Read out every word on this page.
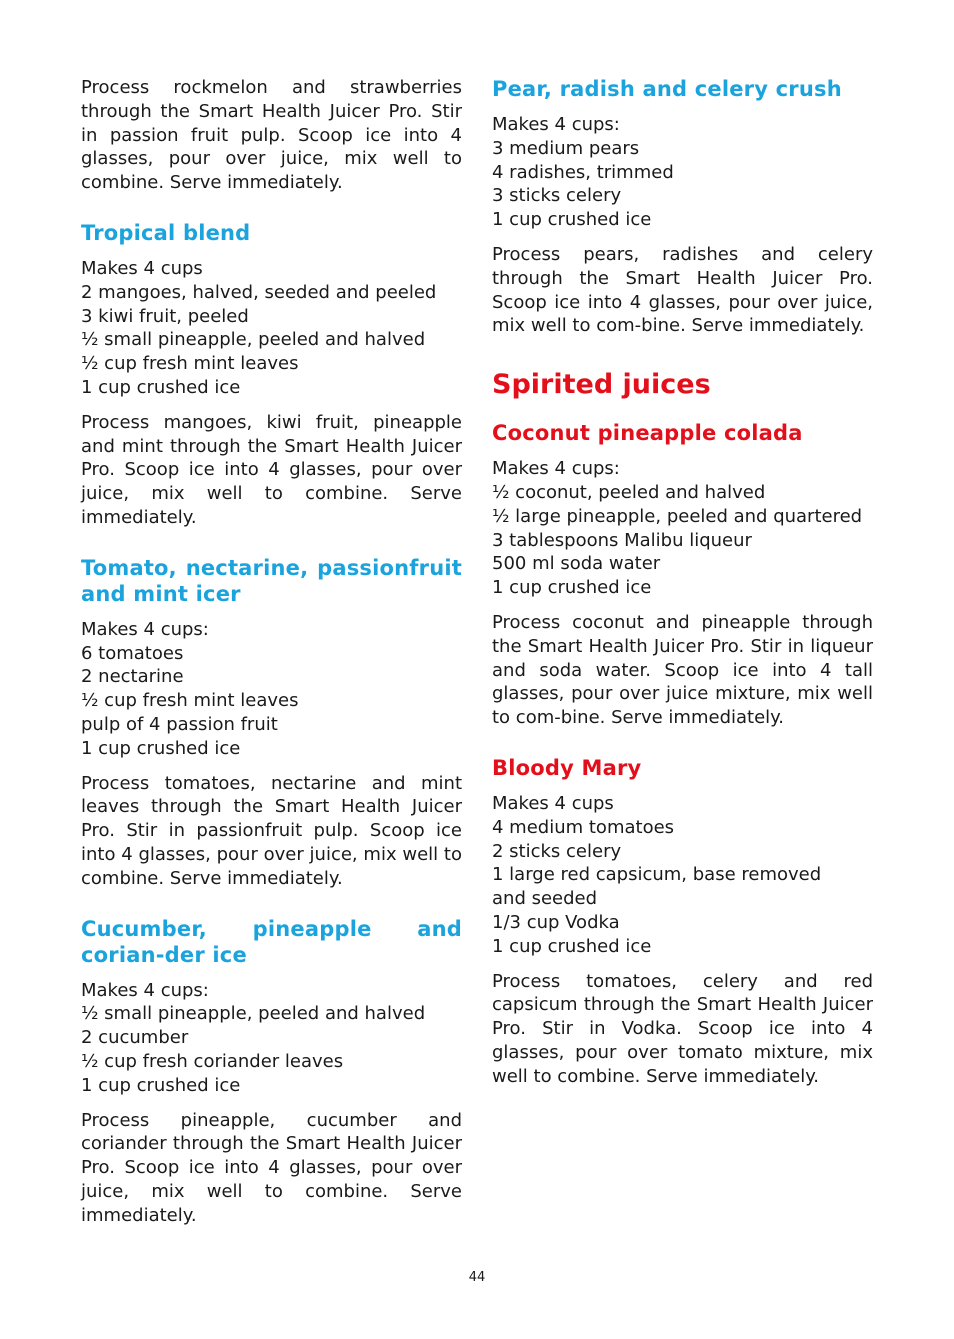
Process rockmelon and strawberries through the Smart Health Juicer Pro. Stir in passion fruit pulp. Scoop ice into 4 glasses, pour over juice, mix well to combine. Serve immediately.

Tropical blend
Makes 4 cups
2 mangoes, halved, seeded and peeled
3 kiwi fruit, peeled
½ small pineapple, peeled and halved
½ cup fresh mint leaves
1 cup crushed ice

Process mangoes, kiwi fruit, pineapple and mint through the Smart Health Juicer Pro. Scoop ice into 4 glasses, pour over juice, mix well to combine. Serve immediately.

Tomato, nectarine, passionfruit and mint icer
Makes 4 cups:
6 tomatoes
2 nectarine
½ cup fresh mint leaves
pulp of 4 passion fruit
1 cup crushed ice

Process tomatoes, nectarine and mint leaves through the Smart Health Juicer Pro. Stir in passionfruit pulp. Scoop ice into 4 glasses, pour over juice, mix well to combine. Serve immediately.

Cucumber, pineapple and corian-der ice
Makes 4 cups:
½ small pineapple, peeled and halved
2 cucumber
½ cup fresh coriander leaves
1 cup crushed ice

Process pineapple, cucumber and coriander through the Smart Health Juicer Pro. Scoop ice into 4 glasses, pour over juice, mix well to combine. Serve immediately.

Pear, radish and celery crush
Makes 4 cups:
3 medium pears
4 radishes, trimmed
3 sticks celery
1 cup crushed ice

Process pears, radishes and celery through the Smart Health Juicer Pro. Scoop ice into 4 glasses, pour over juice, mix well to com-bine. Serve immediately.

Spirited juices
Coconut pineapple colada
Makes 4 cups:
½ coconut, peeled and halved
½ large pineapple, peeled and quartered
3 tablespoons Malibu liqueur
500 ml soda water
1 cup crushed ice

Process coconut and pineapple through the Smart Health Juicer Pro. Stir in liqueur and soda water. Scoop ice into 4 tall glasses, pour over juice mixture, mix well to com-bine. Serve immediately.

Bloody Mary
Makes 4 cups
4 medium tomatoes
2 sticks celery
1 large red capsicum, base removed
and seeded
1/3 cup Vodka
1 cup crushed ice

Process tomatoes, celery and red capsicum through the Smart Health Juicer Pro. Stir in Vodka. Scoop ice into 4 glasses, pour over tomato mixture, mix well to combine. Serve immediately.

44
